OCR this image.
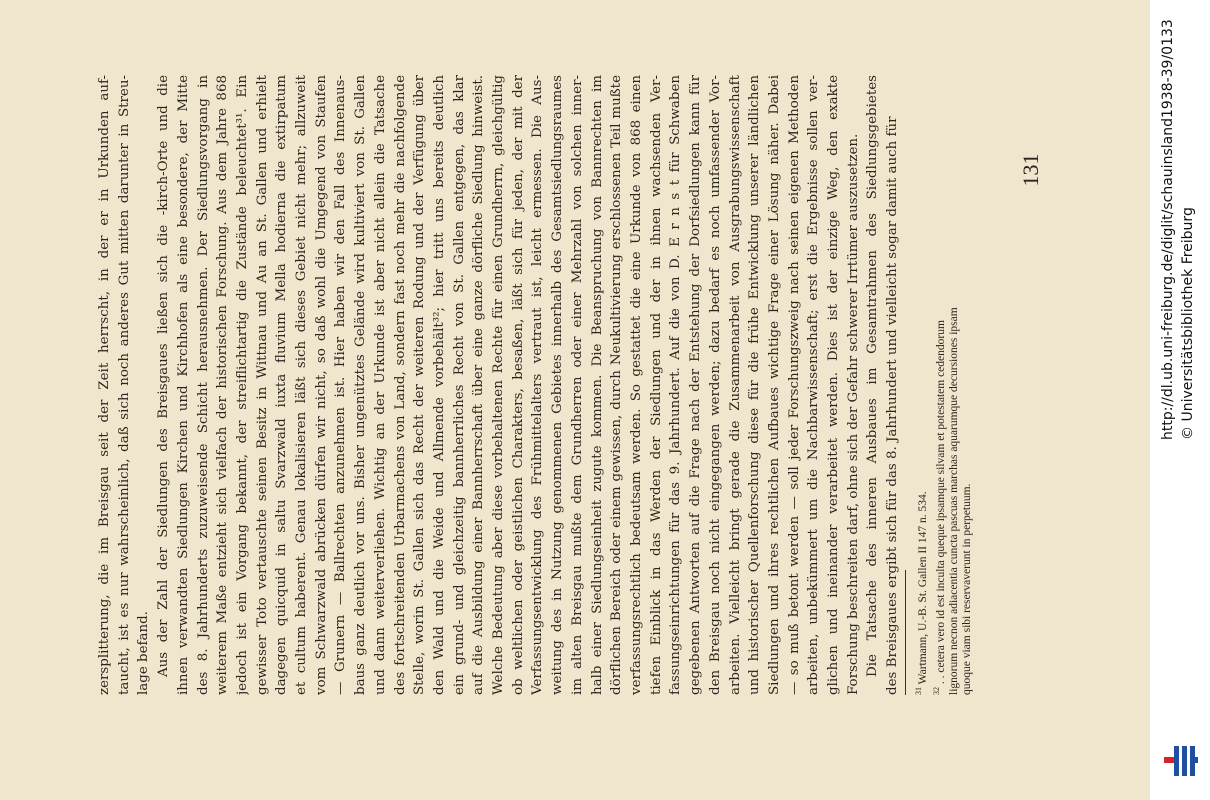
zersplitterung, die im Breisgau seit der Zeit herrscht, in der er in Urkunden auf- taucht, ist es nur wahrscheinlich, daß sich noch anderes Gut mitten darunter in Streu- lage befand. Aus der Zahl der Siedlungen des Breisgaues ließen sich die -kirch-Orte und die ihnen verwandten Siedlungen Kirchen und Kirchhofen als eine besondere, der Mitte des 8. Jahrhunderts zuzuweisende Schicht herausnehmen. Der Siedlungsvorgang in weiterem Maße entzieht sich vielfach der historischen Forschung. Aus dem Jahre 868 jedoch ist ein Vorgang bekannt, der streiflichtartig die Zustände beleuchtet³¹. Ein gewisser Toto vertauschte seinen Besitz in Wittnau und Au an St. Gallen und erhielt dagegen quicquid in saltu Svarzwald iuxta fluvium Mella hodierna die extirpatum et cultum haberent. Genau lokalisieren läßt sich dieses Gebiet nicht mehr; allzuweit vom Schwarzwald abrücken dürfen wir nicht, so daß wohl die Umgegend von Staufen — Grunern — Ballrechten anzunehmen ist. Hier haben wir den Fall des Innenaus- baus ganz deutlich vor uns. Bisher ungenütztes Gelände wird kultiviert von St. Gallen und dann weiterverliehen. Wichtig an der Urkunde ist aber nicht allein die Tatsache des fortschreitenden Urbarmachens von Land, sondern fast noch mehr die nachfolgende Stelle, worin St. Gallen sich das Recht der weiteren Rodung und der Verfügung über den Wald und die Weide und Allmende vorbehält³²; hier tritt uns bereits deutlich ein grund- und gleichzeitig bannherrliches Recht von St. Gallen entgegen, das klar auf die Ausbildung einer Bannherrschaft über eine ganze dörfliche Siedlung hinweist. Welche Bedeutung aber diese vorbehaltenen Rechte für einen Grundherrn, gleichgültig ob weltlichen oder geistlichen Charakters, besaßen, läßt sich für jeden, der mit der Verfassungsentwicklung des Frühmittelalters vertraut ist, leicht ermessen. Die Aus- weitung des in Nutzung genommenen Gebietes innerhalb des Gesamtsiedlungsraumes im alten Breisgau mußte dem Grundherren oder einer Mehrzahl von solchen inner- halb einer Siedlungseinheit zugute kommen. Die Beanspruchung von Bannrechten im dörflichen Bereich oder einem gewissen, durch Neukultivierung erschlossenen Teil mußte verfassungsrechtlich bedeutsam werden. So gestattet die eine Urkunde von 868 einen tiefen Einblick in das Werden der Siedlungen und der in ihnen wachsenden Ver- fassungseinrichtungen für das 9. Jahrhundert. Auf die von D. E r n s t für Schwaben gegebenen Antworten auf die Frage nach der Entstehung der Dorfsiedlungen kann für den Breisgau noch nicht eingegangen werden; dazu bedarf es noch umfassender Vor- arbeiten. Vielleicht bringt gerade die Zusammenarbeit von Ausgrabungswissenschaft und historischer Quellenforschung diese für die frühe Entwicklung unserer ländlichen Siedlungen und ihres rechtlichen Aufbaues wichtige Frage einer Lösung näher. Dabei — so muß betont werden — soll jeder Forschungszweig nach seinen eigenen Methoden arbeiten, unbekümmert um die Nachbarwissenschaft; erst die Ergebnisse sollen ver- glichen und ineinander verarbeitet werden. Dies ist der einzige Weg, den exakte Forschung beschreiten darf, ohne sich der Gefahr schwerer Irrtümer auszusetzen. Die Tatsache des inneren Ausbaues im Gesamtrahmen des Siedlungsgebietes des Breisgaues ergibt sich für das 8. Jahrhundert und vielleicht sogar damit auch für	$^{31}$ Wartmann, U.-B. St. Gallen II 147 n. 534.
$^{32}$ . . cetera vero id est inculta queque ipsamque silvam et potestatem cedendorum lignorum necnon adiacentia cuncta pascuas marchas aquarumque decursiones ipsam quoque viam sibi reservaverunt in perpetuum.
131	http://dl.ub.uni-freiburg.de/diglit/schauinsland1938-39/0133 © Universitätsbibliothek Freiburg
